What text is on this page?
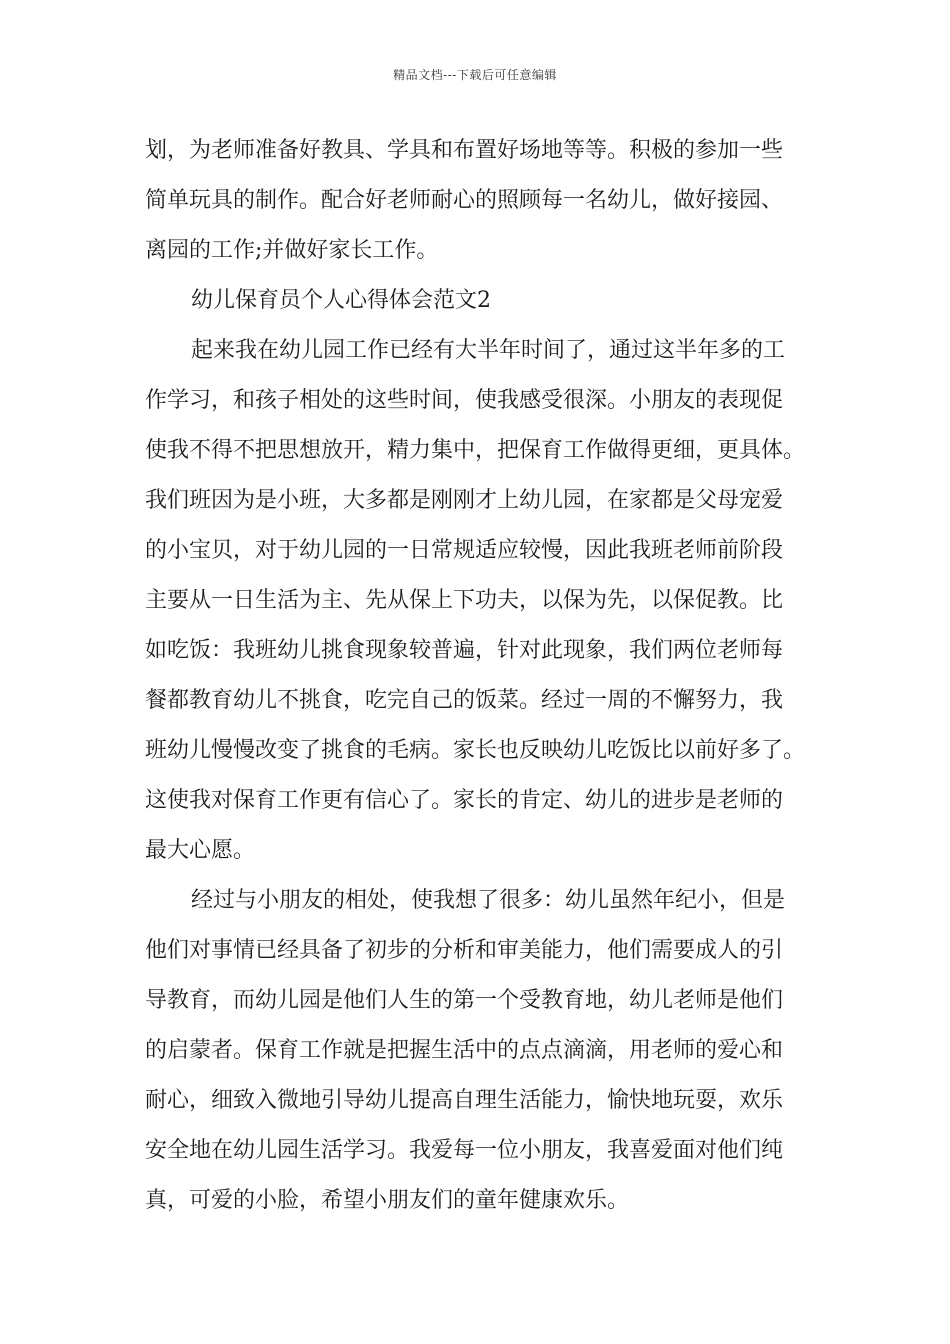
精品文档---下载后可任意编辑
划，为老师准备好教具、学具和布置好场地等等。积极的参加一些
简单玩具的制作。配合好老师耐心的照顾每一名幼儿，做好接园、
离园的工作;并做好家长工作。
幼儿保育员个人心得体会范文2
起来我在幼儿园工作已经有大半年时间了，通过这半年多的工
作学习，和孩子相处的这些时间，使我感受很深。小朋友的表现促
使我不得不把思想放开，精力集中，把保育工作做得更细，更具体。
我们班因为是小班，大多都是刚刚才上幼儿园，在家都是父母宠爱
的小宝贝，对于幼儿园的一日常规适应较慢，因此我班老师前阶段
主要从一日生活为主、先从保上下功夫，以保为先，以保促教。比
如吃饭：我班幼儿挑食现象较普遍，针对此现象，我们两位老师每
餐都教育幼儿不挑食，吃完自己的饭菜。经过一周的不懈努力，我
班幼儿慢慢改变了挑食的毛病。家长也反映幼儿吃饭比以前好多了。
这使我对保育工作更有信心了。家长的肯定、幼儿的进步是老师的
最大心愿。
经过与小朋友的相处，使我想了很多：幼儿虽然年纪小，但是
他们对事情已经具备了初步的分析和审美能力，他们需要成人的引
导教育，而幼儿园是他们人生的第一个受教育地，幼儿老师是他们
的启蒙者。保育工作就是把握生活中的点点滴滴，用老师的爱心和
耐心，细致入微地引导幼儿提高自理生活能力，愉快地玩耍，欢乐
安全地在幼儿园生活学习。我爱每一位小朋友，我喜爱面对他们纯
真，可爱的小脸，希望小朋友们的童年健康欢乐。
